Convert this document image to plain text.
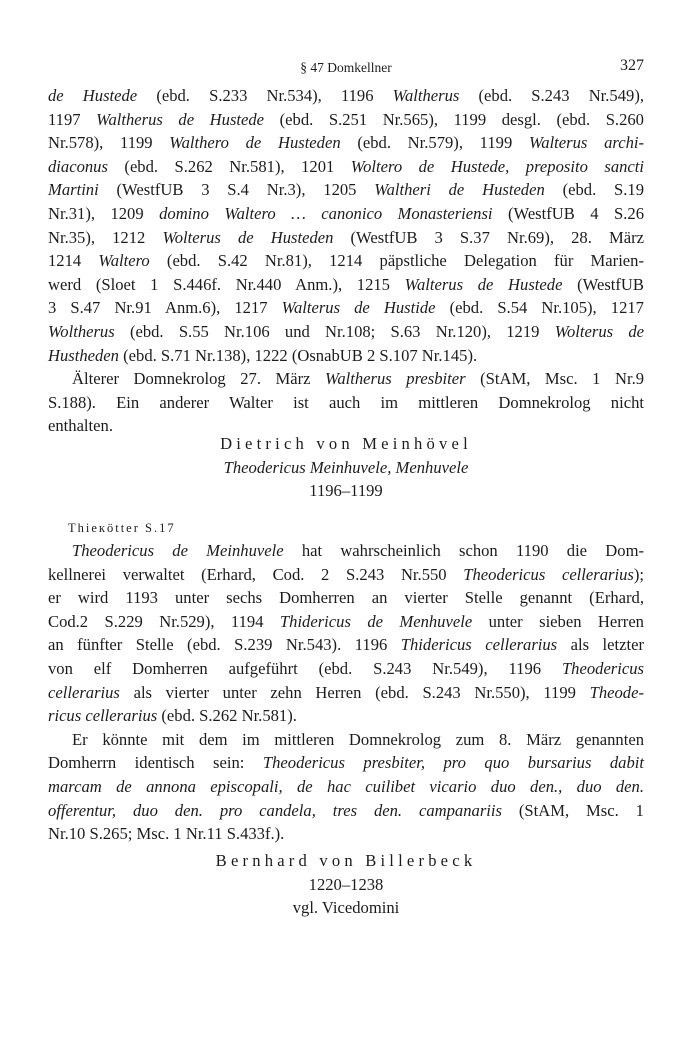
§ 47 Domkellner	327
de Hustede (ebd. S.233 Nr.534), 1196 Waltherus (ebd. S.243 Nr.549),
1197 Waltherus de Hustede (ebd. S.251 Nr.565), 1199 desgl. (ebd. S.260
Nr.578), 1199 Walthero de Husteden (ebd. Nr.579), 1199 Walterus archi-
diaconus (ebd. S.262 Nr.581), 1201 Woltero de Hustede, preposito sancti
Martini (WestfUB 3 S.4 Nr.3), 1205 Waltheri de Husteden (ebd. S.19
Nr.31), 1209 domino Waltero … canonico Monasteriensi (WestfUB 4 S.26
Nr.35), 1212 Wolterus de Husteden (WestfUB 3 S.37 Nr.69), 28. März
1214 Waltero (ebd. S.42 Nr.81), 1214 päpstliche Delegation für Marien-
werd (Sloet 1 S.446f. Nr.440 Anm.), 1215 Walterus de Hustede (WestfUB
3 S.47 Nr.91 Anm.6), 1217 Walterus de Hustide (ebd. S.54 Nr.105), 1217
Woltherus (ebd. S.55 Nr.106 und Nr.108; S.63 Nr.120), 1219 Wolterus de
Hustheden (ebd. S.71 Nr.138), 1222 (OsnabUB 2 S.107 Nr.145).
Älterer Domnekrolog 27. März Waltherus presbiter (StAM, Msc. 1 Nr.9
S.188). Ein anderer Walter ist auch im mittleren Domnekrolog nicht
enthalten.
Dietrich von Meinhövel
Theodericus Meinhuvele, Menhuvele
1196–1199
Thieкötter S.17
Theodericus de Meinhuvele hat wahrscheinlich schon 1190 die Dom-
kellnerei verwaltet (Erhard, Cod. 2 S.243 Nr.550 Theodericus cellerarius);
er wird 1193 unter sechs Domherren an vierter Stelle genannt (Erhard,
Cod.2 S.229 Nr.529), 1194 Thidericus de Menhuvele unter sieben Herren
an fünfter Stelle (ebd. S.239 Nr.543). 1196 Thidericus cellerarius als letzter
von elf Domherren aufgeführt (ebd. S.243 Nr.549), 1196 Theodericus
cellerarius als vierter unter zehn Herren (ebd. S.243 Nr.550), 1199 Theode-
ricus cellerarius (ebd. S.262 Nr.581).
Er könnte mit dem im mittleren Domnekrolog zum 8. März genannten
Domherrn identisch sein: Theodericus presbiter, pro quo bursarius dabit
marcam de annona episcopali, de hac cuilibet vicario duo den., duo den.
offerentur, duo den. pro candela, tres den. campanariis (StAM, Msc. 1
Nr.10 S.265; Msc. 1 Nr.11 S.433f.).
Bernhard von Billerbeck
1220–1238
vgl. Vicedomini
